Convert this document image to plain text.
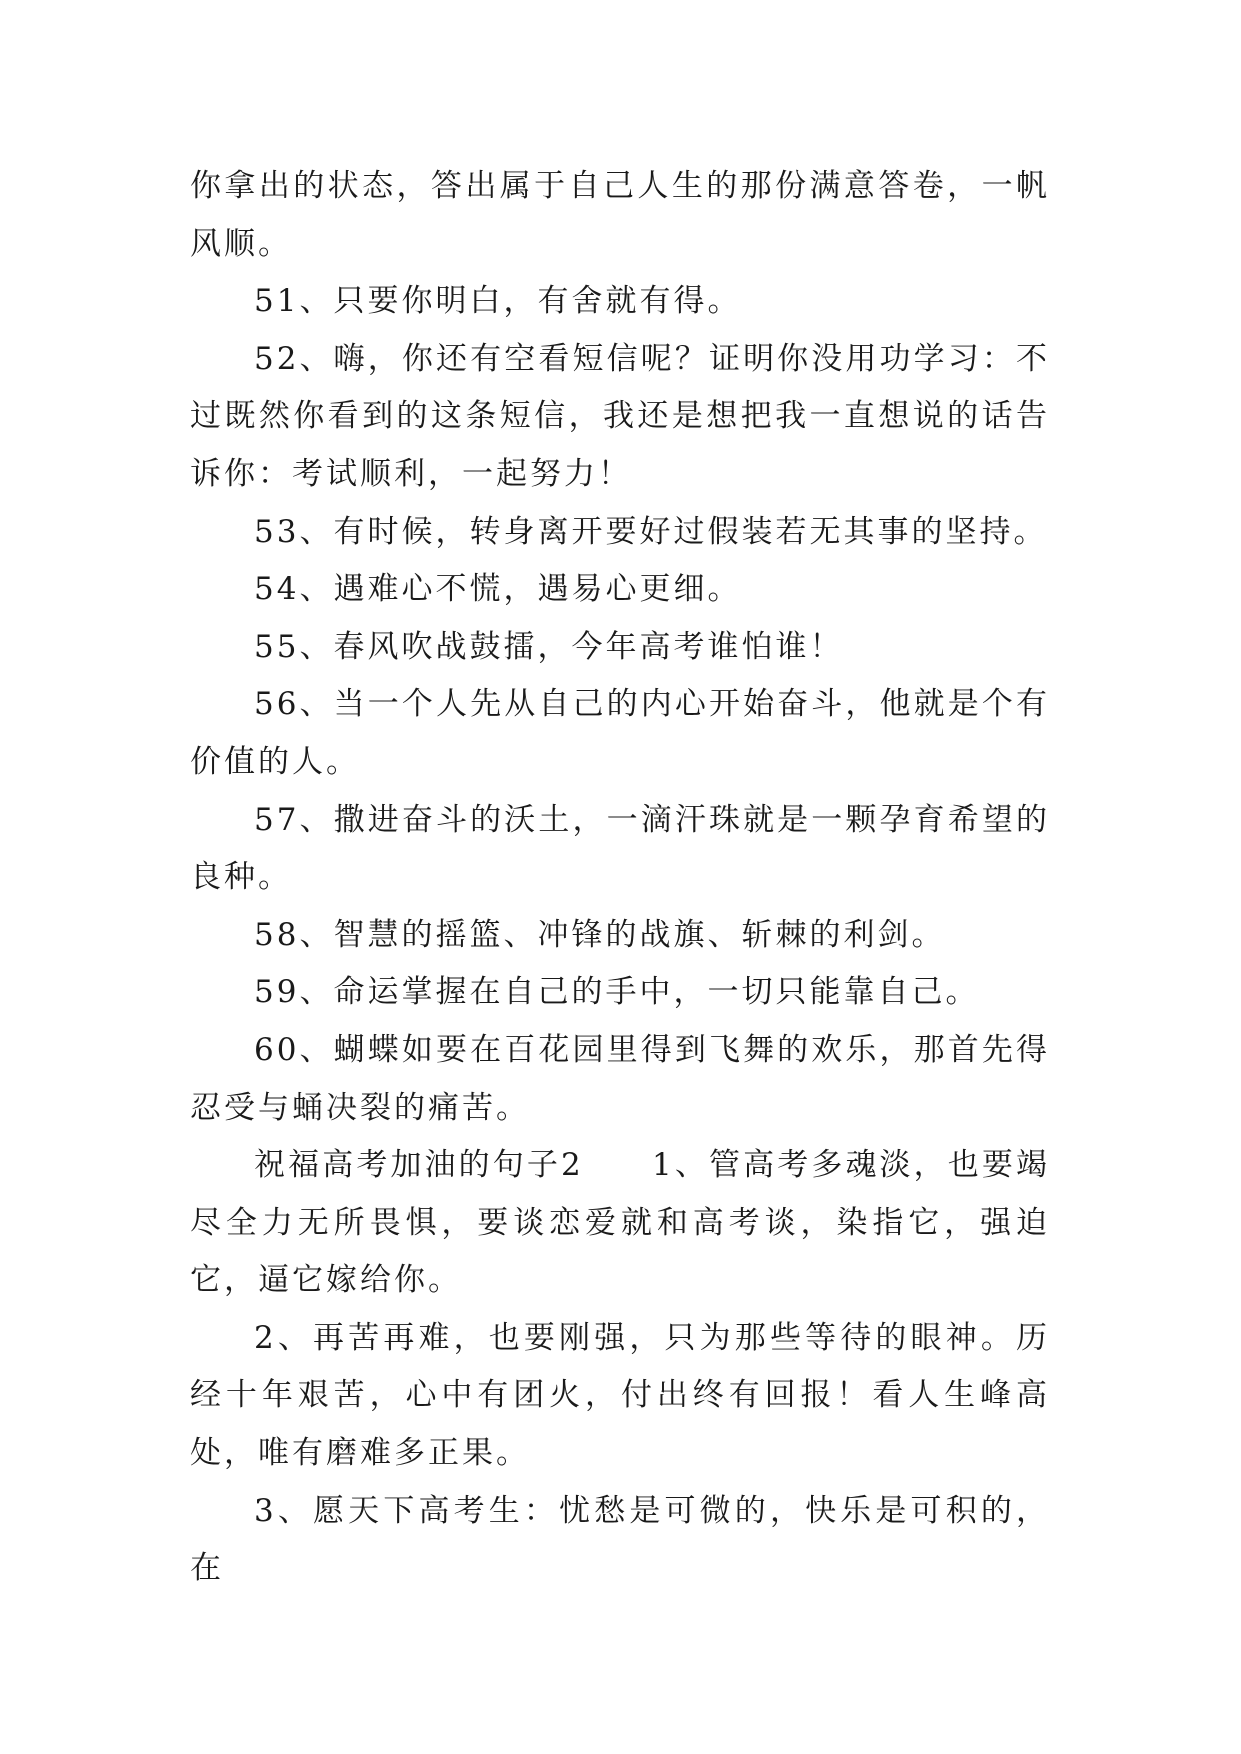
你拿出的状态，答出属于自己人生的那份满意答卷，一帆风顺。

51、只要你明白，有舍就有得。

52、嗨，你还有空看短信呢？证明你没用功学习：不过既然你看到的这条短信，我还是想把我一直想说的话告诉你：考试顺利，一起努力！

53、有时候，转身离开要好过假装若无其事的坚持。

54、遇难心不慌，遇易心更细。

55、春风吹战鼓擂，今年高考谁怕谁！

56、当一个人先从自己的内心开始奋斗，他就是个有价值的人。

57、撒进奋斗的沃土，一滴汗珠就是一颗孕育希望的良种。

58、智慧的摇篮、冲锋的战旗、斩棘的利剑。

59、命运掌握在自己的手中，一切只能靠自己。

60、蝴蝶如要在百花园里得到飞舞的欢乐，那首先得忍受与蛹决裂的痛苦。

祝福高考加油的句子2　　1、管高考多魂淡，也要竭尽全力无所畏惧，要谈恋爱就和高考谈，染指它，强迫它，逼它嫁给你。

2、再苦再难，也要刚强，只为那些等待的眼神。历经十年艰苦，心中有团火，付出终有回报！看人生峰高处，唯有磨难多正果。

3、愿天下高考生：忧愁是可微的，快乐是可积的，在
